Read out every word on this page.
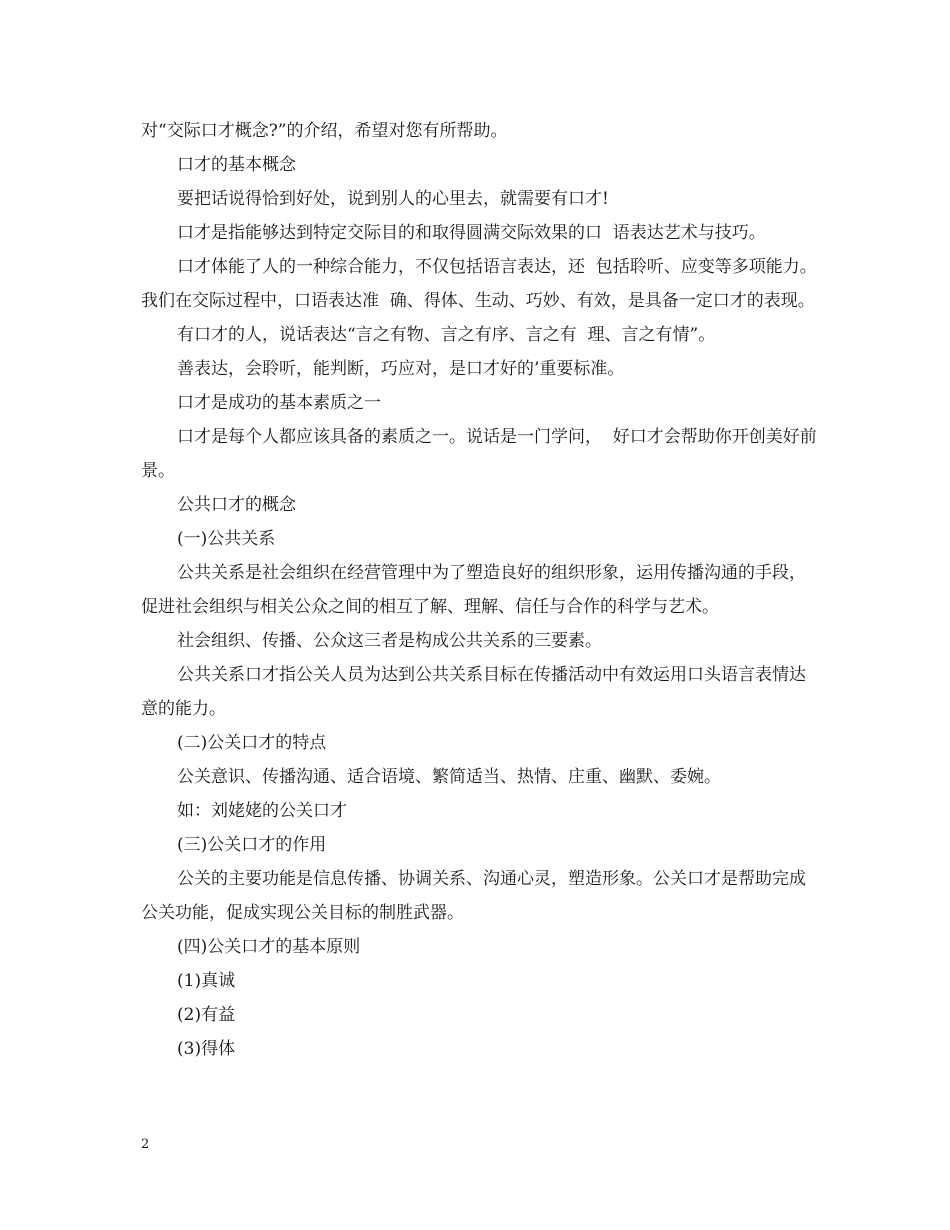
对“交际口才概念?”的介绍，希望对您有所帮助。

口才的基本概念

要把话说得恰到好处，说到别人的心里去，就需要有口才!

口才是指能够达到特定交际目的和取得圆满交际效果的口  语表达艺术与技巧。

口才体能了人的一种综合能力，不仅包括语言表达，还  包括聆听、应变等多项能力。我们在交际过程中，口语表达准  确、得体、生动、巧妙、有效，是具备一定口才的表现。

有口才的人，说话表达“言之有物、言之有序、言之有  理、言之有情”。

善表达，会聆听，能判断，巧应对，是口才好的’重要标准。

口才是成功的基本素质之一

口才是每个人都应该具备的素质之一。说话是一门学问，  好口才会帮助你开创美好前景。

公共口才的概念

(一)公共关系

公共关系是社会组织在经营管理中为了塑造良好的组织形象，运用传播沟通的手段，促进社会组织与相关公众之间的相互了解、理解、信任与合作的科学与艺术。

社会组织、传播、公众这三者是构成公共关系的三要素。

公共关系口才指公关人员为达到公共关系目标在传播活动中有效运用口头语言表情达意的能力。

(二)公关口才的特点

公关意识、传播沟通、适合语境、繁简适当、热情、庄重、幽默、委婉。

如：刘姥姥的公关口才

(三)公关口才的作用

公关的主要功能是信息传播、协调关系、沟通心灵，塑造形象。公关口才是帮助完成公关功能，促成实现公关目标的制胜武器。

(四)公关口才的基本原则

(1)真诚

(2)有益

(3)得体

2
